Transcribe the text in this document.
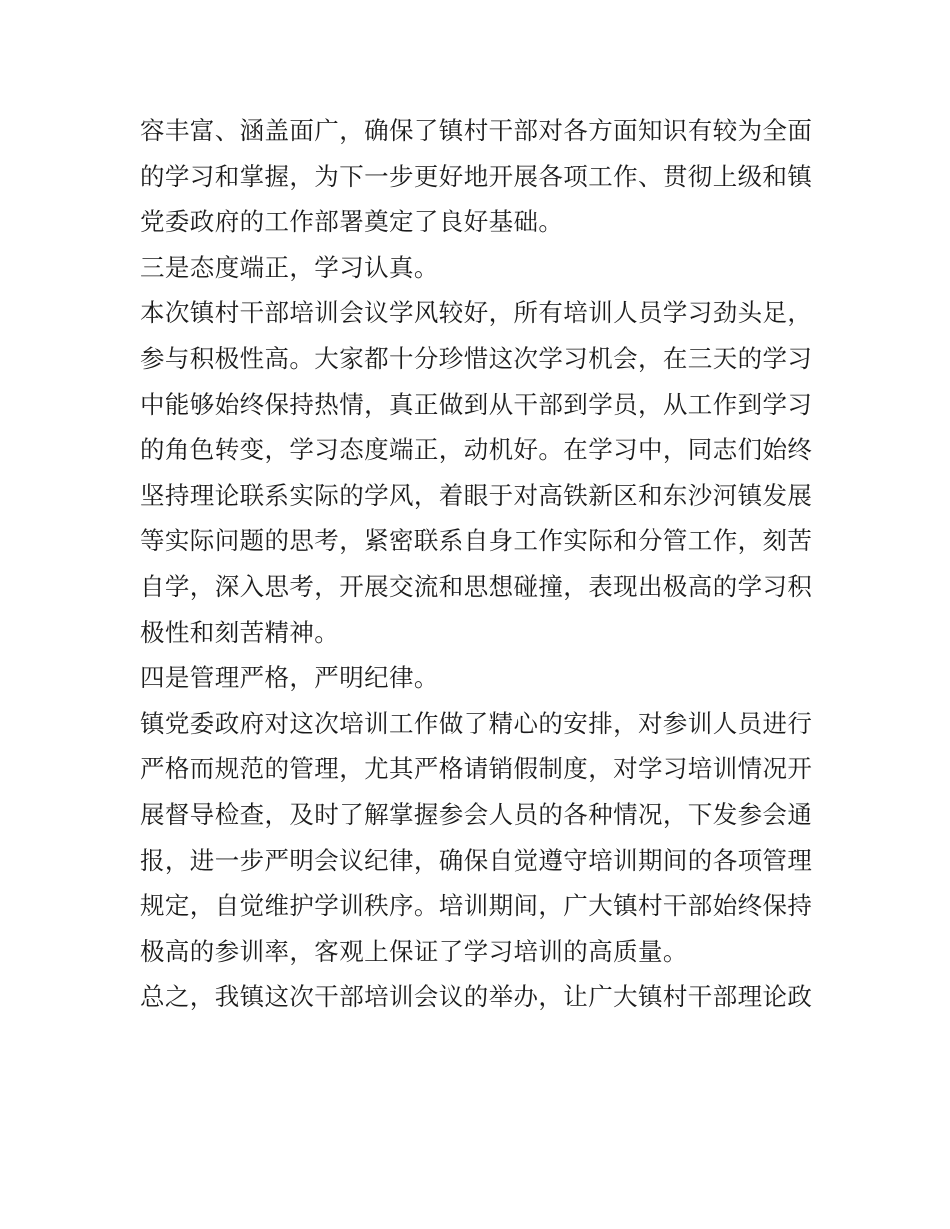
容丰富、涵盖面广，确保了镇村干部对各方面知识有较为全面
的学习和掌握，为下一步更好地开展各项工作、贯彻上级和镇
党委政府的工作部署奠定了良好基础。
三是态度端正，学习认真。
本次镇村干部培训会议学风较好，所有培训人员学习劲头足，
参与积极性高。大家都十分珍惜这次学习机会，在三天的学习
中能够始终保持热情，真正做到从干部到学员，从工作到学习
的角色转变，学习态度端正，动机好。在学习中，同志们始终
坚持理论联系实际的学风，着眼于对高铁新区和东沙河镇发展
等实际问题的思考，紧密联系自身工作实际和分管工作，刻苦
自学，深入思考，开展交流和思想碰撞，表现出极高的学习积
极性和刻苦精神。
四是管理严格，严明纪律。
镇党委政府对这次培训工作做了精心的安排，对参训人员进行
严格而规范的管理，尤其严格请销假制度，对学习培训情况开
展督导检查，及时了解掌握参会人员的各种情况，下发参会通
报，进一步严明会议纪律，确保自觉遵守培训期间的各项管理
规定，自觉维护学训秩序。培训期间，广大镇村干部始终保持
极高的参训率，客观上保证了学习培训的高质量。
总之，我镇这次干部培训会议的举办，让广大镇村干部理论政
